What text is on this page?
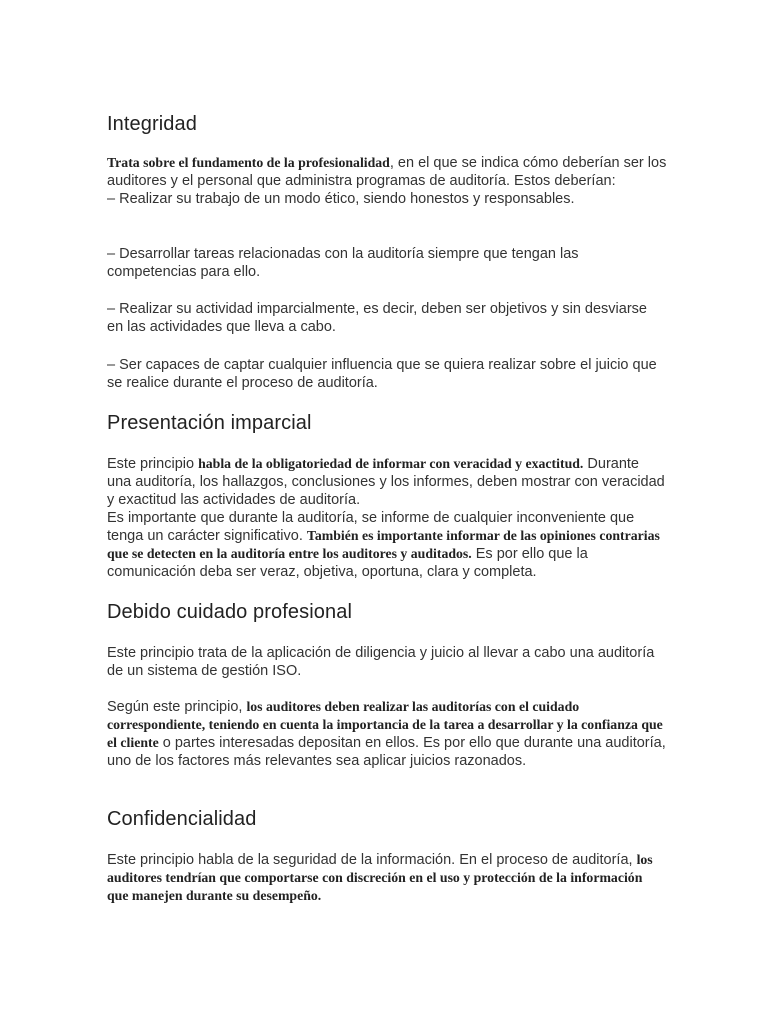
Integridad

Trata sobre el fundamento de la profesionalidad, en el que se indica cómo deberían ser los auditores y el personal que administra programas de auditoría. Estos deberían:
– Realizar su trabajo de un modo ético, siendo honestos y responsables.

– Desarrollar tareas relacionadas con la auditoría siempre que tengan las competencias para ello.

– Realizar su actividad imparcialmente, es decir, deben ser objetivos y sin desviarse en las actividades que lleva a cabo.

– Ser capaces de captar cualquier influencia que se quiera realizar sobre el juicio que se realice durante el proceso de auditoría.

Presentación imparcial

Este principio habla de la obligatoriedad de informar con veracidad y exactitud. Durante una auditoría, los hallazgos, conclusiones y los informes, deben mostrar con veracidad y exactitud las actividades de auditoría.

Es importante que durante la auditoría, se informe de cualquier inconveniente que tenga un carácter significativo. También es importante informar de las opiniones contrarias que se detecten en la auditoría entre los auditores y auditados. Es por ello que la comunicación deba ser veraz, objetiva, oportuna, clara y completa.

Debido cuidado profesional

Este principio trata de la aplicación de diligencia y juicio al llevar a cabo una auditoría de un sistema de gestión ISO.

Según este principio, los auditores deben realizar las auditorías con el cuidado correspondiente, teniendo en cuenta la importancia de la tarea a desarrollar y la confianza que el cliente o partes interesadas depositan en ellos. Es por ello que durante una auditoría, uno de los factores más relevantes sea aplicar juicios razonados.

Confidencialidad

Este principio habla de la seguridad de la información. En el proceso de auditoría, los auditores tendrían que comportarse con discreción en el uso y protección de la información que manejen durante su desempeño.
